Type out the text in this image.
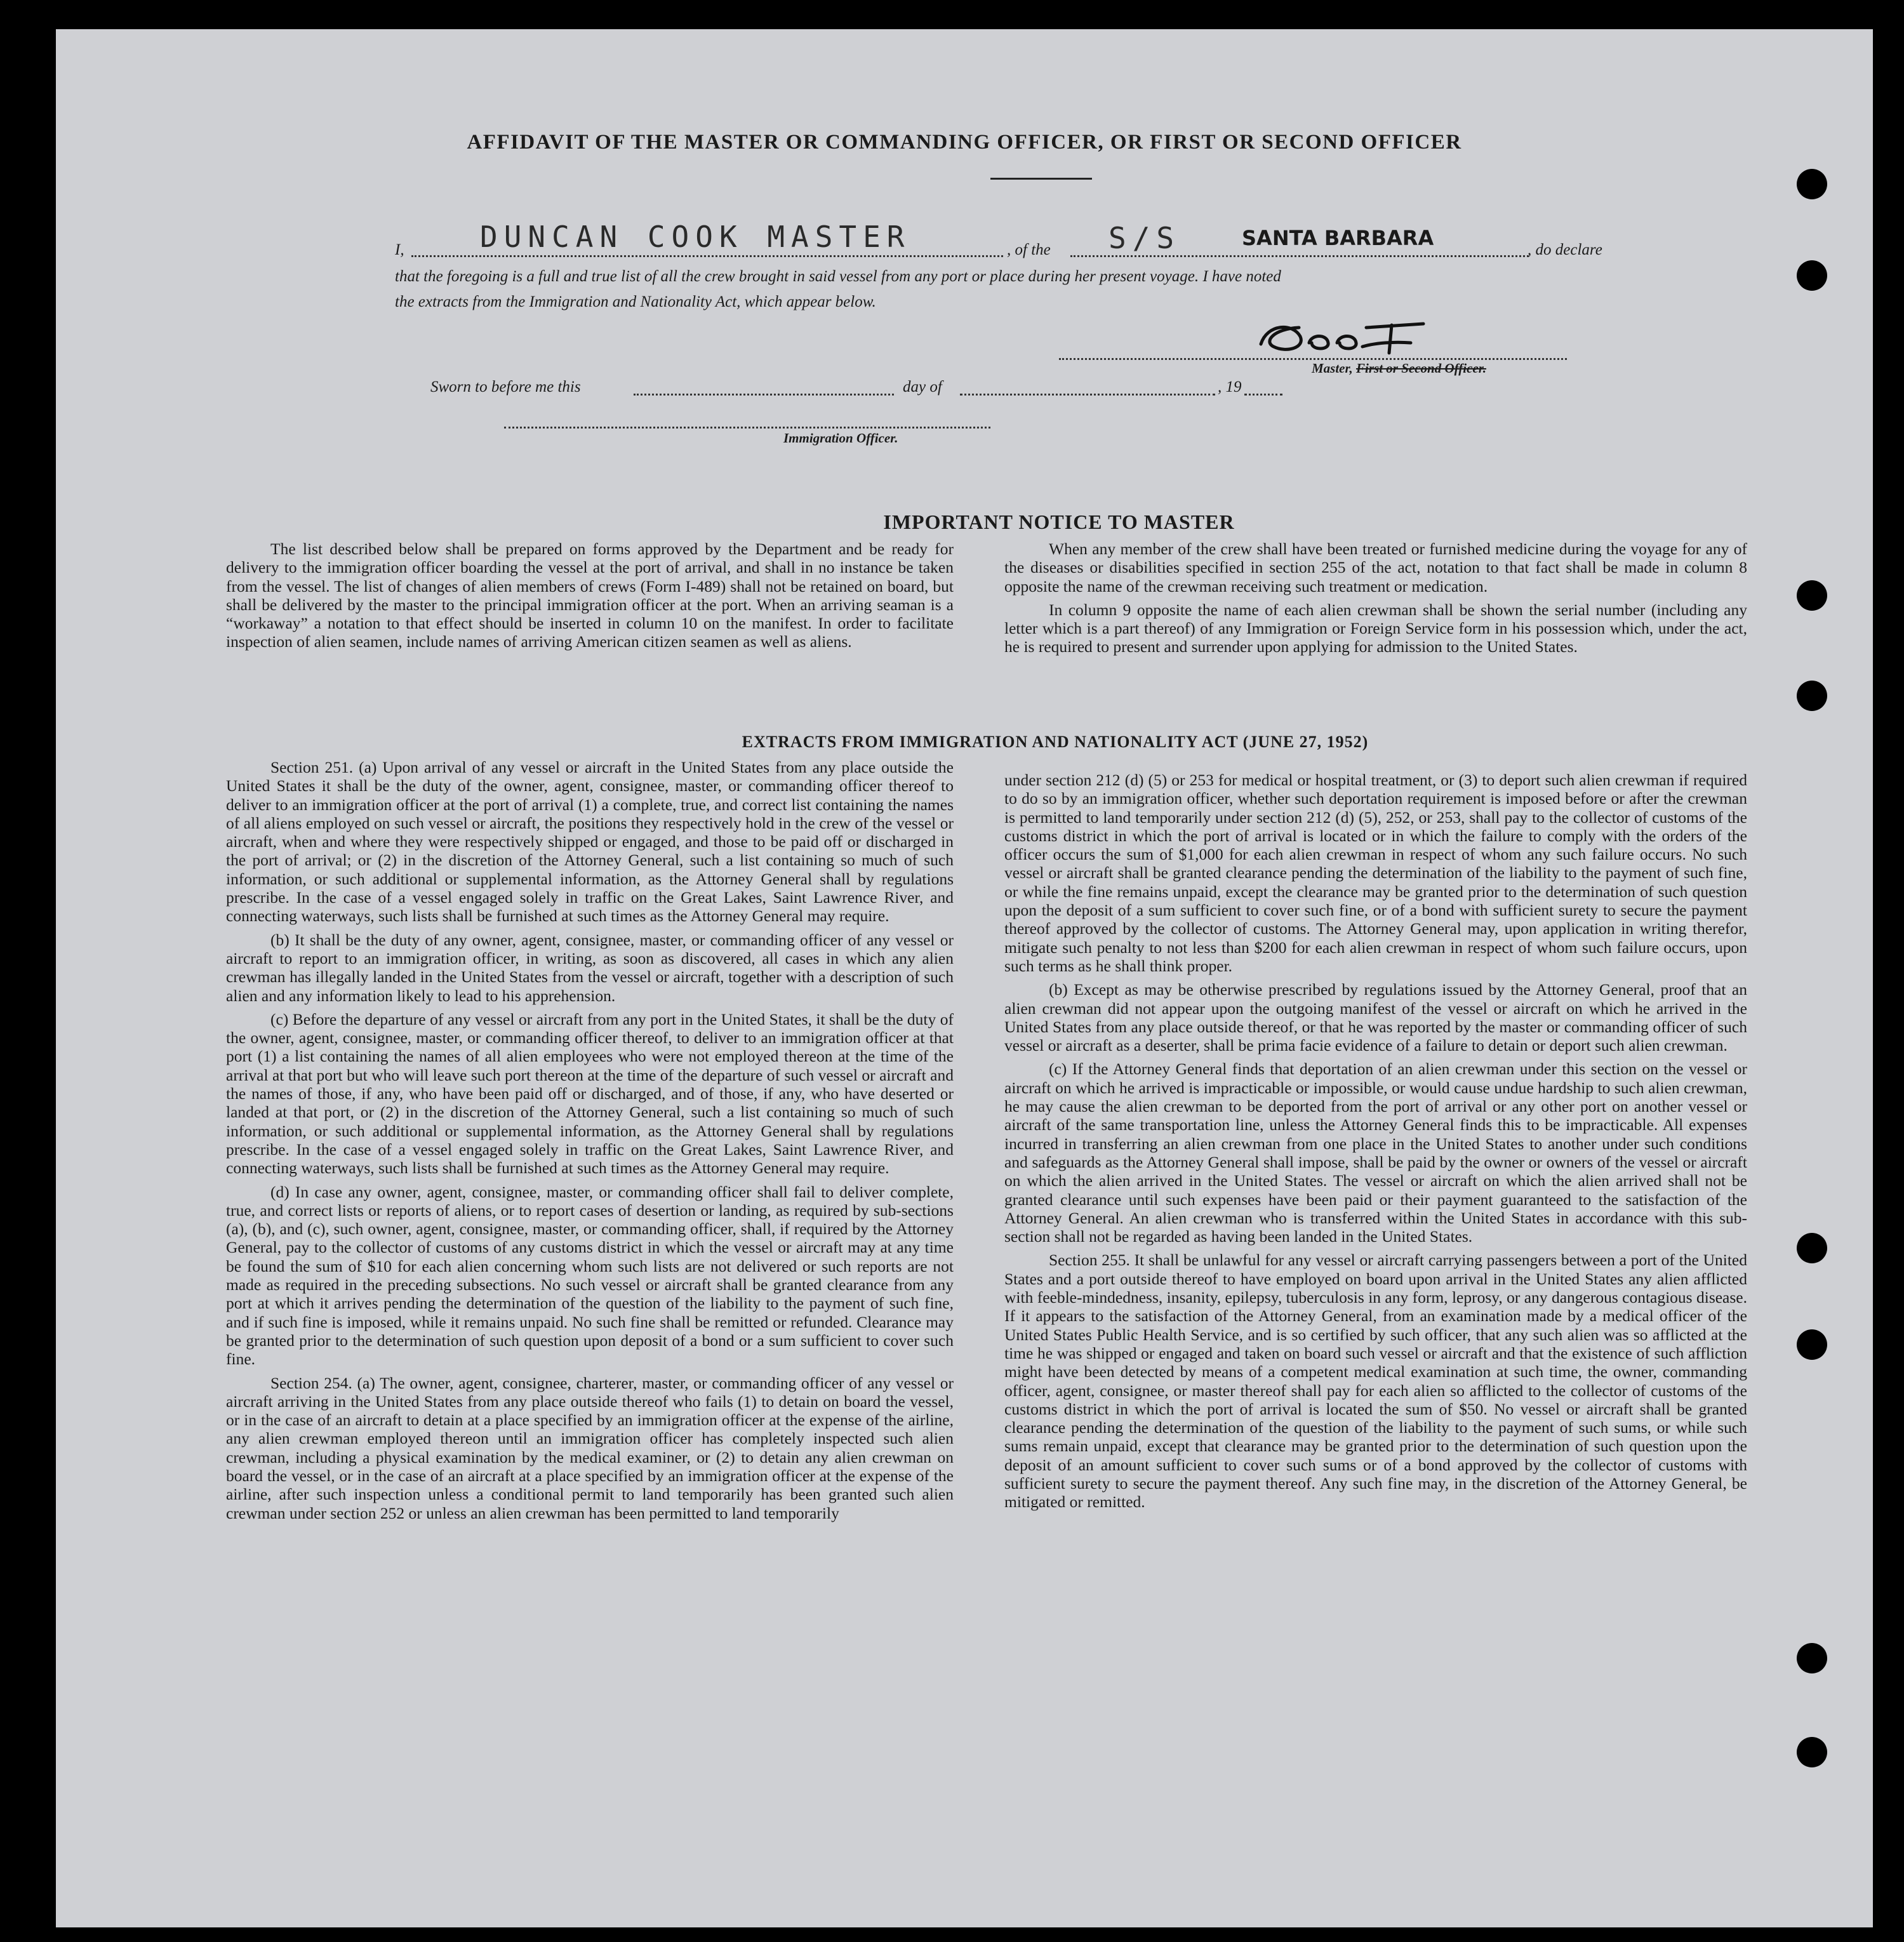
AFFIDAVIT OF THE MASTER OR COMMANDING OFFICER, OR FIRST OR SECOND OFFICER
I,	DUNCAN COOK MASTER	, of the S/S	SANTA BARBARA	, do declare
that the foregoing is a full and true list of all the crew brought in said vessel from any port or place during her present voyage. I have noted
the extracts from the Immigration and Nationality Act, which appear below.
Master, First or Second Officer.
Sworn to before me this	day of	, 19
Immigration Officer.
IMPORTANT NOTICE TO MASTER

The list described below shall be prepared on forms approved by the Department and be ready for delivery to the immigration officer boarding the vessel at the port of arrival, and shall in no instance be taken from the vessel. The list of changes of alien members of crews (Form I-489) shall not be retained on board, but shall be delivered by the master to the principal immigration officer at the port. When an arriving seaman is a “workaway” a notation to that effect should be inserted in column 10 on the manifest. In order to facilitate inspection of alien seamen, include names of arriving American citizen seamen as well as aliens.

When any member of the crew shall have been treated or furnished medicine during the voyage for any of the diseases or disabilities specified in section 255 of the act, notation to that fact shall be made in column 8 opposite the name of the crewman receiving such treatment or medication.

In column 9 opposite the name of each alien crewman shall be shown the serial number (including any letter which is a part thereof) of any Immigration or Foreign Service form in his possession which, under the act, he is required to present and surrender upon applying for admission to the United States.

EXTRACTS FROM IMMIGRATION AND NATIONALITY ACT (JUNE 27, 1952)

Section 251. (a) Upon arrival of any vessel or aircraft in the United States from any place outside the United States it shall be the duty of the owner, agent, consignee, master, or commanding officer thereof to deliver to an immigration officer at the port of arrival (1) a complete, true, and correct list containing the names of all aliens employed on such vessel or aircraft, the positions they respectively hold in the crew of the vessel or aircraft, when and where they were respectively shipped or engaged, and those to be paid off or discharged in the port of arrival; or (2) in the discretion of the Attorney General, such a list containing so much of such information, or such additional or supplemental information, as the Attorney General shall by regulations prescribe. In the case of a vessel engaged solely in traffic on the Great Lakes, Saint Lawrence River, and connecting waterways, such lists shall be furnished at such times as the Attorney General may require.

(b) It shall be the duty of any owner, agent, consignee, master, or commanding officer of any vessel or aircraft to report to an immigration officer, in writing, as soon as discovered, all cases in which any alien crewman has illegally landed in the United States from the vessel or aircraft, together with a description of such alien and any information likely to lead to his apprehension.

(c) Before the departure of any vessel or aircraft from any port in the United States, it shall be the duty of the owner, agent, consignee, master, or commanding officer thereof, to deliver to an immigration officer at that port (1) a list containing the names of all alien employees who were not employed thereon at the time of the arrival at that port but who will leave such port thereon at the time of the departure of such vessel or aircraft and the names of those, if any, who have been paid off or discharged, and of those, if any, who have deserted or landed at that port, or (2) in the discretion of the Attorney General, such a list containing so much of such information, or such additional or supplemental information, as the Attorney General shall by regulations prescribe. In the case of a vessel engaged solely in traffic on the Great Lakes, Saint Lawrence River, and connecting waterways, such lists shall be furnished at such times as the Attorney General may require.

(d) In case any owner, agent, consignee, master, or commanding officer shall fail to deliver complete, true, and correct lists or reports of aliens, or to report cases of desertion or landing, as required by sub-sections (a), (b), and (c), such owner, agent, consignee, master, or commanding officer, shall, if required by the Attorney General, pay to the collector of customs of any customs district in which the vessel or aircraft may at any time be found the sum of $10 for each alien concerning whom such lists are not delivered or such reports are not made as required in the preceding subsections. No such vessel or aircraft shall be granted clearance from any port at which it arrives pending the determination of the question of the liability to the payment of such fine, and if such fine is imposed, while it remains unpaid. No such fine shall be remitted or refunded. Clearance may be granted prior to the determination of such question upon deposit of a bond or a sum sufficient to cover such fine.

Section 254. (a) The owner, agent, consignee, charterer, master, or commanding officer of any vessel or aircraft arriving in the United States from any place outside thereof who fails (1) to detain on board the vessel, or in the case of an aircraft to detain at a place specified by an immigration officer at the expense of the airline, any alien crewman employed thereon until an immigration officer has completely inspected such alien crewman, including a physical examination by the medical examiner, or (2) to detain any alien crewman on board the vessel, or in the case of an aircraft at a place specified by an immigration officer at the expense of the airline, after such inspection unless a conditional permit to land temporarily has been granted such alien crewman under section 252 or unless an alien crewman has been permitted to land temporarily

under section 212 (d) (5) or 253 for medical or hospital treatment, or (3) to deport such alien crewman if required to do so by an immigration officer, whether such deportation requirement is imposed before or after the crewman is permitted to land temporarily under section 212 (d) (5), 252, or 253, shall pay to the collector of customs of the customs district in which the port of arrival is located or in which the failure to comply with the orders of the officer occurs the sum of $1,000 for each alien crewman in respect of whom any such failure occurs. No such vessel or aircraft shall be granted clearance pending the determination of the liability to the payment of such fine, or while the fine remains unpaid, except the clearance may be granted prior to the determination of such question upon the deposit of a sum sufficient to cover such fine, or of a bond with sufficient surety to secure the payment thereof approved by the collector of customs. The Attorney General may, upon application in writing therefor, mitigate such penalty to not less than $200 for each alien crewman in respect of whom such failure occurs, upon such terms as he shall think proper.

(b) Except as may be otherwise prescribed by regulations issued by the Attorney General, proof that an alien crewman did not appear upon the outgoing manifest of the vessel or aircraft on which he arrived in the United States from any place outside thereof, or that he was reported by the master or commanding officer of such vessel or aircraft as a deserter, shall be prima facie evidence of a failure to detain or deport such alien crewman.

(c) If the Attorney General finds that deportation of an alien crewman under this section on the vessel or aircraft on which he arrived is impracticable or impossible, or would cause undue hardship to such alien crewman, he may cause the alien crewman to be deported from the port of arrival or any other port on another vessel or aircraft of the same transportation line, unless the Attorney General finds this to be impracticable. All expenses incurred in transferring an alien crewman from one place in the United States to another under such conditions and safeguards as the Attorney General shall impose, shall be paid by the owner or owners of the vessel or aircraft on which the alien arrived in the United States. The vessel or aircraft on which the alien arrived shall not be granted clearance until such expenses have been paid or their payment guaranteed to the satisfaction of the Attorney General. An alien crewman who is transferred within the United States in accordance with this sub-section shall not be regarded as having been landed in the United States.

Section 255. It shall be unlawful for any vessel or aircraft carrying passengers between a port of the United States and a port outside thereof to have employed on board upon arrival in the United States any alien afflicted with feeble-mindedness, insanity, epilepsy, tuberculosis in any form, leprosy, or any dangerous contagious disease. If it appears to the satisfaction of the Attorney General, from an examination made by a medical officer of the United States Public Health Service, and is so certified by such officer, that any such alien was so afflicted at the time he was shipped or engaged and taken on board such vessel or aircraft and that the existence of such affliction might have been detected by means of a competent medical examination at such time, the owner, commanding officer, agent, consignee, or master thereof shall pay for each alien so afflicted to the collector of customs of the customs district in which the port of arrival is located the sum of $50. No vessel or aircraft shall be granted clearance pending the determination of the question of the liability to the payment of such sums, or while such sums remain unpaid, except that clearance may be granted prior to the determination of such question upon the deposit of an amount sufficient to cover such sums or of a bond approved by the collector of customs with sufficient surety to secure the payment thereof. Any such fine may, in the discretion of the Attorney General, be mitigated or remitted.
